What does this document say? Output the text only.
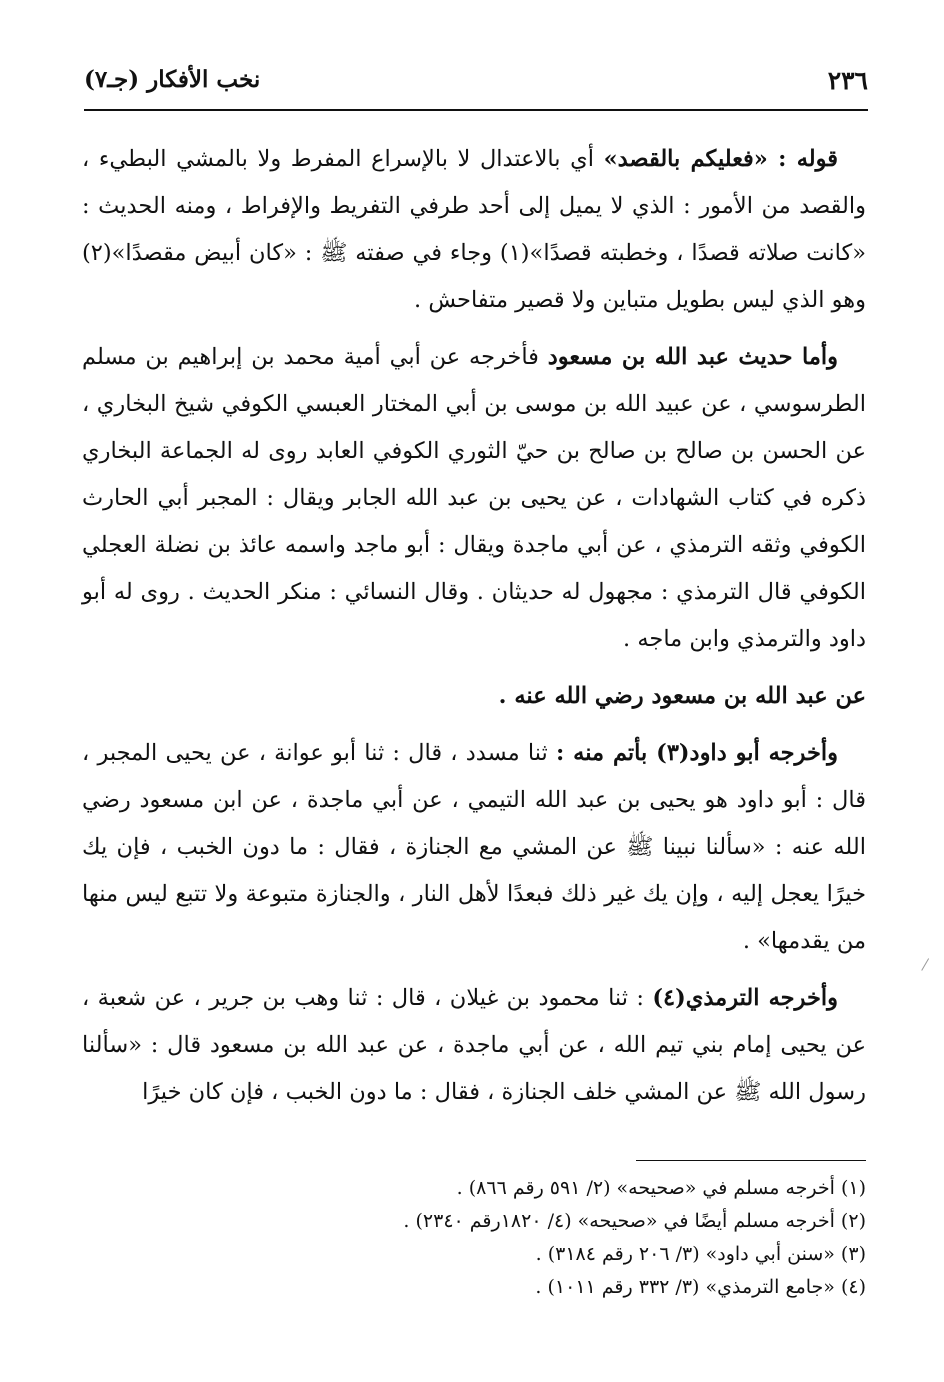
٢٣٦
نخب الأفكار (جـ٧)

قوله : «فعليكم بالقصد» أي بالاعتدال لا بالإسراع المفرط ولا بالمشي البطيء ، والقصد من الأمور : الذي لا يميل إلى أحد طرفي التفريط والإفراط ، ومنه الحديث : «كانت صلاته قصدًا ، وخطبته قصدًا»(١) وجاء في صفته ﷺ : «كان أبيض مقصدًا»(٢) وهو الذي ليس بطويل متباين ولا قصير متفاحش .

وأما حديث عبد الله بن مسعود فأخرجه عن أبي أمية محمد بن إبراهيم بن مسلم الطرسوسي ، عن عبيد الله بن موسى بن أبي المختار العبسي الكوفي شيخ البخاري ، عن الحسن بن صالح بن صالح بن حيّ الثوري الكوفي العابد روى له الجماعة البخاري ذكره في كتاب الشهادات ، عن يحيى بن عبد الله الجابر ويقال : المجبر أبي الحارث الكوفي وثقه الترمذي ، عن أبي ماجدة ويقال : أبو ماجد واسمه عائذ بن نضلة العجلي الكوفي قال الترمذي : مجهول له حديثان . وقال النسائي : منكر الحديث . روى له أبو داود والترمذي وابن ماجه .

عن عبد الله بن مسعود رضي الله عنه .

وأخرجه أبو داود(٣) بأتم منه : ثنا مسدد ، قال : ثنا أبو عوانة ، عن يحيى المجبر ، قال : أبو داود هو يحيى بن عبد الله التيمي ، عن أبي ماجدة ، عن ابن مسعود رضي الله عنه : «سألنا نبينا ﷺ عن المشي مع الجنازة ، فقال : ما دون الخبب ، فإن يك خيرًا يعجل إليه ، وإن يك غير ذلك فبعدًا لأهل النار ، والجنازة متبوعة ولا تتبع ليس منها من يقدمها» .

وأخرجه الترمذي(٤) : ثنا محمود بن غيلان ، قال : ثنا وهب بن جرير ، عن شعبة ، عن يحيى إمام بني تيم الله ، عن أبي ماجدة ، عن عبد الله بن مسعود قال : «سألنا رسول الله ﷺ عن المشي خلف الجنازة ، فقال : ما دون الخبب ، فإن كان خيرًا

(١) أخرجه مسلم في «صحيحه» (٢/ ٥٩١ رقم ٨٦٦) .

(٢) أخرجه مسلم أيضًا في «صحيحه» (٤/ ١٨٢٠رقم ٢٣٤٠) .

(٣) «سنن أبي داود» (٣/ ٢٠٦ رقم ٣١٨٤) .

(٤) «جامع الترمذي» (٣/ ٣٣٢ رقم ١٠١١) .
